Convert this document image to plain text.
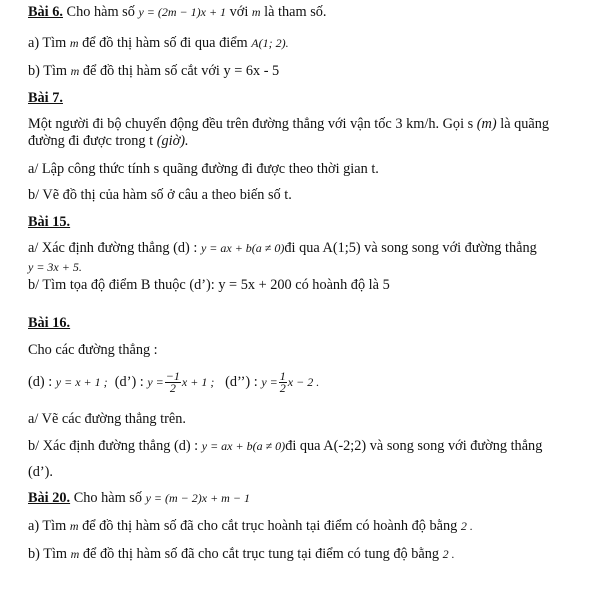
Bài 6. Cho hàm số y = (2m − 1)x + 1 với m là tham số.
a) Tìm m để đồ thị hàm số đi qua điểm A(1; 2).
b) Tìm m để đồ thị hàm số cắt với y = 6x - 5
Bài 7.
Một người đi bộ chuyển động đều trên đường thẳng với vận tốc 3 km/h. Gọi s (m) là quãng
đường đi được trong t (giờ).
a/ Lập công thức tính s quãng đường đi được theo thời gian t.
b/ Vẽ đồ thị của hàm số ở câu a theo biến số t.
Bài 15.
a/ Xác định đường thẳng (d) : y = ax + b(a ≠ 0)đi qua A(1;5) và song song với đường thẳng
y = 3x + 5.
b/ Tìm tọa độ điểm B thuộc (d’): y = 5x + 200 có hoành độ là 5
Bài 16.
Cho các đường thẳng :
(d) : y = x + 1 ; (d’) : $y = \frac{-1}{2}$ x + 1 ; (d’’) : $y = \frac{1}{2}$ x − 2 .
a/ Vẽ các đường thẳng trên.
b/ Xác định đường thẳng (d) : y = ax + b(a ≠ 0)đi qua A(-2;2) và song song với đường thẳng
(d’).
Bài 20. Cho hàm số y = (m − 2)x + m − 1
a) Tìm m để đồ thị hàm số đã cho cắt trục hoành tại điểm có hoành độ bằng 2 .
b) Tìm m để đồ thị hàm số đã cho cắt trục tung tại điểm có tung độ bằng 2 .
